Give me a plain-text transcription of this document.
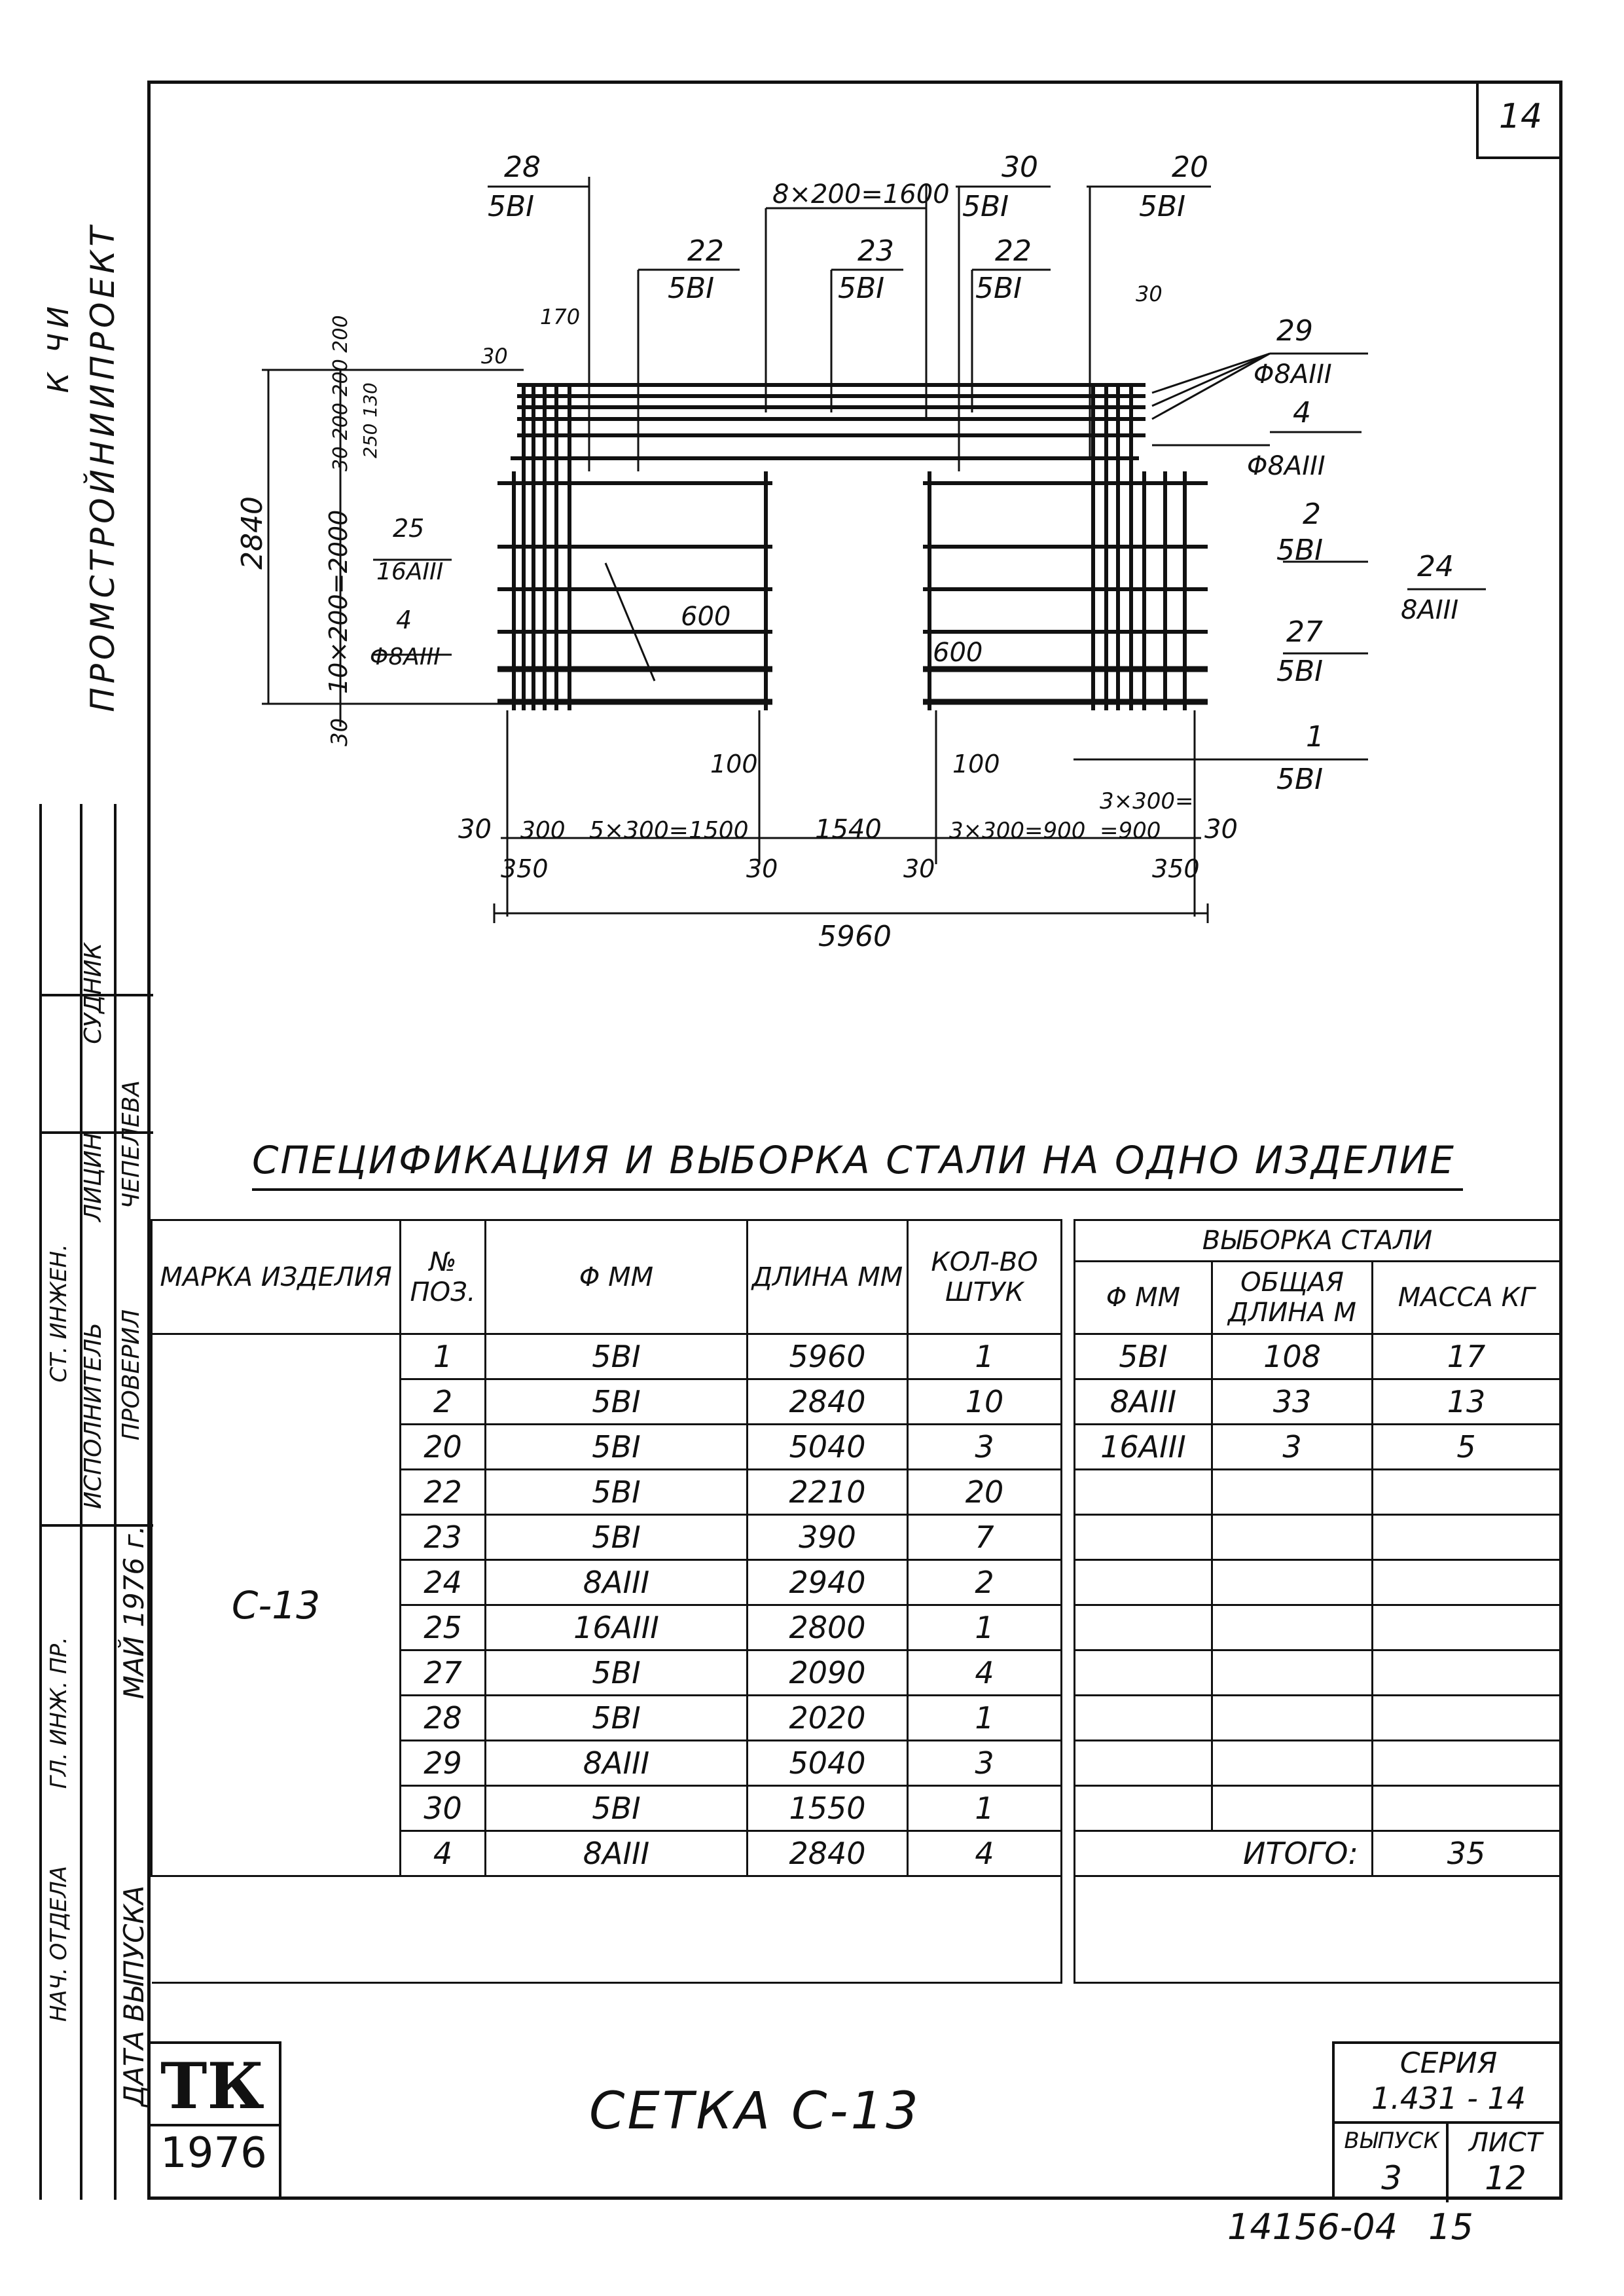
14
ПРОМСТРОЙНИИПРОЕКТ
К ЧИ
НАЧ. ОТДЕЛА
ГЛ. ИНЖ. ПР.
СТ. ИНЖЕН.
ИСПОЛНИТЕЛЬ ПРОВЕРИЛ
ЛИЦИН
СУДНИК
ЧЕПЕЛЕВА
ДАТА ВЫПУСКА
МАЙ 1976 г.
28
5BI	8×200=1600
30
5BI
20
5BI
22
5BI
23
5BI
22
5BI
170
30
30
29
Φ8AIII
4
Φ8AIII
2
5BI	24
8AIII
27
5BI
1
5BI
25
16AIII
4
Φ8AIII
600
600
100	100
2840 10×200=2000
30 200 200 200 250 130
30
30 300 5×300=1500	1540	3×300=900
3×300=
=900 30
350	30	30	350
5960
СПЕЦИФИКАЦИЯ И ВЫБОРКА СТАЛИ НА ОДНО ИЗДЕЛИЕ
МАРКА ИЗДЕЛИЯ	№ ПОЗ.	Φ ММ	ДЛИНА ММ	КОЛ-ВО ШТУК		ВЫБОРКА СТАЛИ		
						Φ ММ	ОБЩАЯ ДЛИНА М	МАССА КГ
С-13	1	5BI	5960	1		5BI	108	17
	2	5BI	2840	10		8AIII	33	13
	20	5BI	5040	3		16AIII	3	5
	22	5BI	2210	20				
	23	5BI	390	7				
	24	8AIII	2940	2				
	25	16AIII	2800	1				
	27	5BI	2090	4				
	28	5BI	2020	1				
	29	8AIII	5040	3				
	30	5BI	1550	1				
	4	8AIII	2840	4		ИТОГО:		35

ТК
1976
СЕТКА С-13
СЕРИЯ
1.431 - 14
ВЫПУСК
3
ЛИСТ
12
14156-04 15
